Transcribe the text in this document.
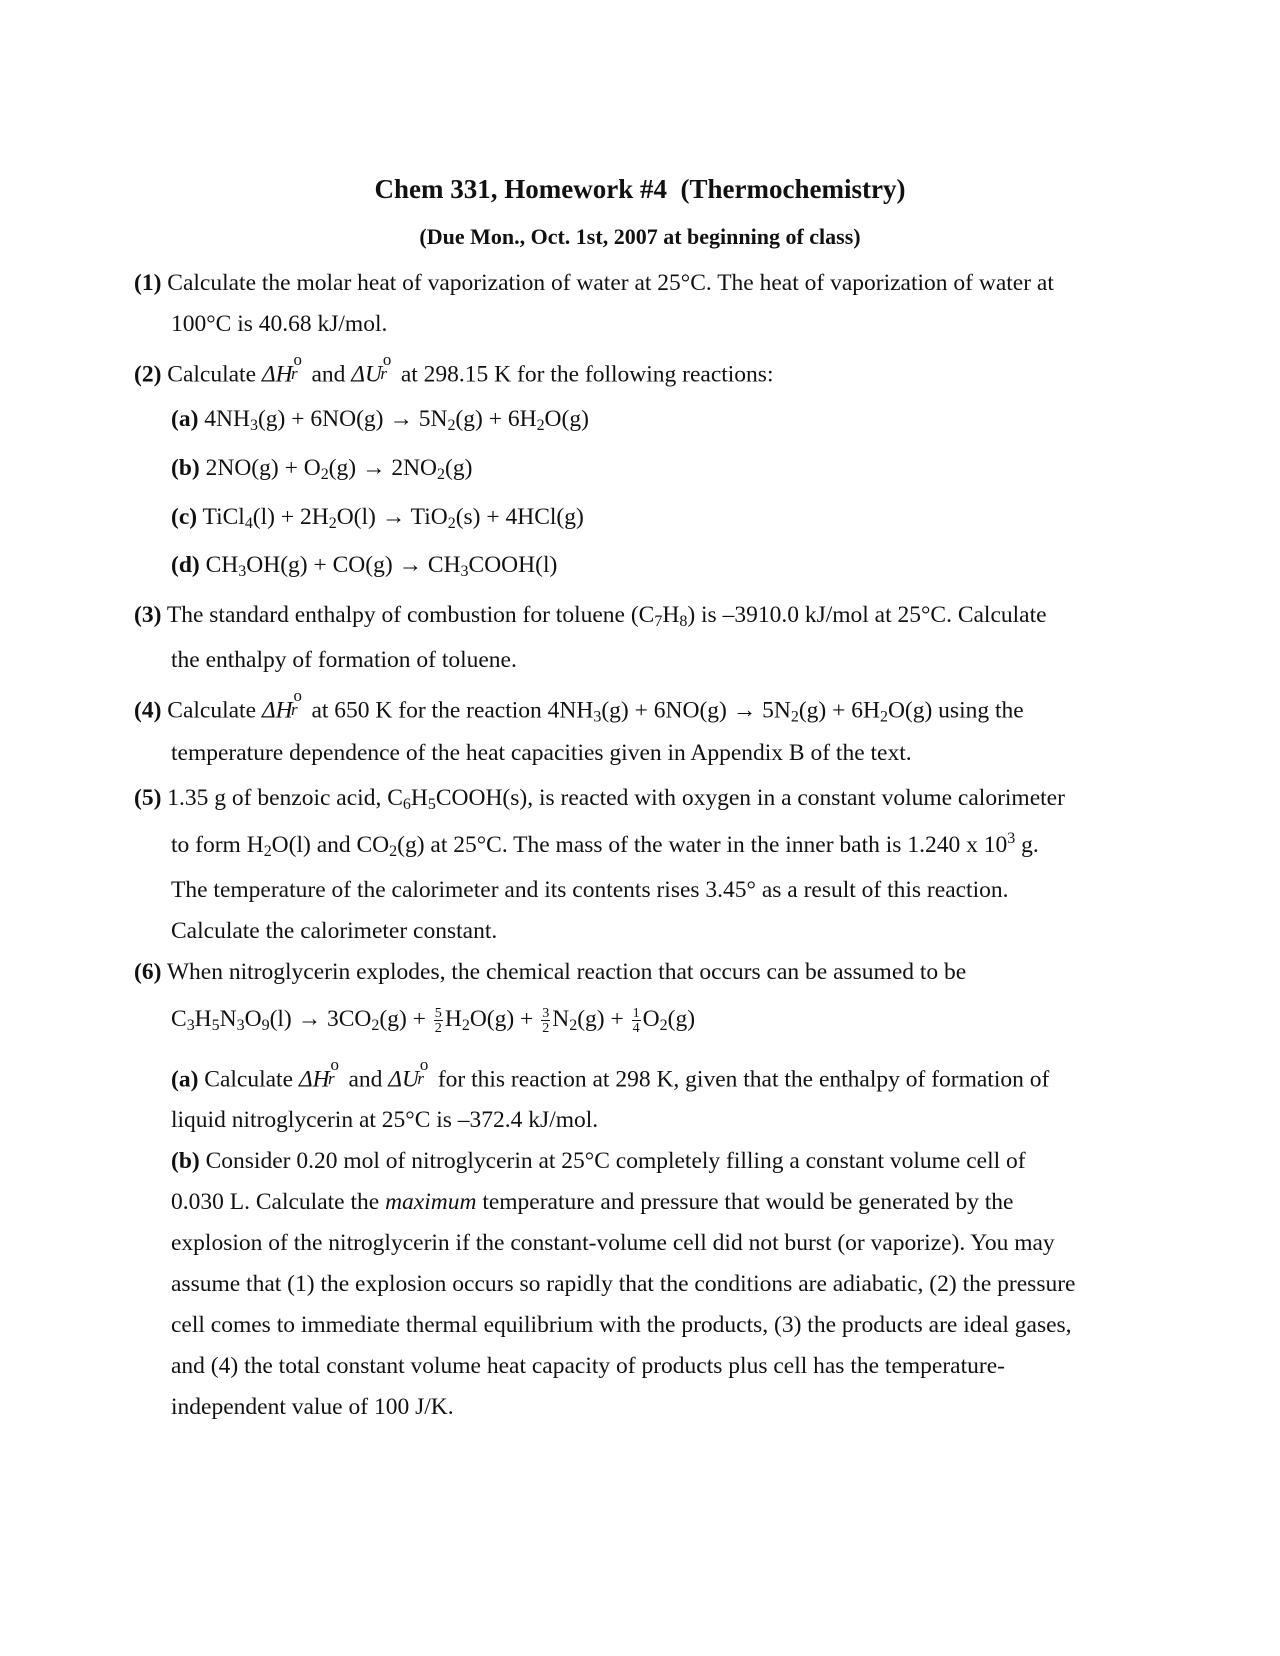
Chem 331, Homework #4  (Thermochemistry)
(Due Mon., Oct. 1st, 2007 at beginning of class)
(1) Calculate the molar heat of vaporization of water at 25°C. The heat of vaporization of water at
100°C is 40.68 kJ/mol.
(2) Calculate ΔH
o
r and ΔU
o
r at 298.15 K for the following reactions:
(a) $4NH_3(g) + 6NO(g) \to 5N_2(g) + 6H_2O(g)$
(b) $2NO(g) + O_2(g) \to 2NO_2(g)$
(c) TiCl$_4$(l) + $2H_2O(l) \to TiO_2(s) + 4HCl(g)$
(d) $CH_3OH(g) + CO(g)$ → $CH_3COOH(l)$
(3) The standard enthalpy of combustion for toluene $(C_7H_8)$ is –3910.0 kJ/mol at 25°C. Calculate
the enthalpy of formation of toluene.
(4) Calculate ΔH
o
r at 650 K for the reaction $4NH_3(g) + 6NO(g) \to 5N_2(g) + 6H_2O(g)$ using the
temperature dependence of the heat capacities given in Appendix B of the text.
(5) 1.35 g of benzoic acid, $C_6H_5COOH(s)$, is reacted with oxygen in a constant volume calorimeter
to form $H_2O(l)$ and $CO_2(g)$ at 25°C. The mass of the water in the inner bath is 1.240 x $10^3$ g.
The temperature of the calorimeter and its contents rises 3.45° as a result of this reaction.
Calculate the calorimeter constant.
(6) When nitroglycerin explodes, the chemical reaction that occurs can be assumed to be
$C_3H_5N_3O_9(l) \to 3CO_2(g) + \frac{5}{2} H_2O(g) + \frac{3}{2} N_2(g) + \frac{1}{4} O_2(g)$
(a) Calculate ΔH
o
r and ΔU
o
r for this reaction at 298 K, given that the enthalpy of formation of
liquid nitroglycerin at 25°C is –372.4 kJ/mol.
(b) Consider 0.20 mol of nitroglycerin at 25°C completely filling a constant volume cell of
0.030 L. Calculate the maximum temperature and pressure that would be generated by the
explosion of the nitroglycerin if the constant-volume cell did not burst (or vaporize). You may
assume that (1) the explosion occurs so rapidly that the conditions are adiabatic, (2) the pressure
cell comes to immediate thermal equilibrium with the products, (3) the products are ideal gases,
and (4) the total constant volume heat capacity of products plus cell has the temperature-
independent value of 100 J/K.
